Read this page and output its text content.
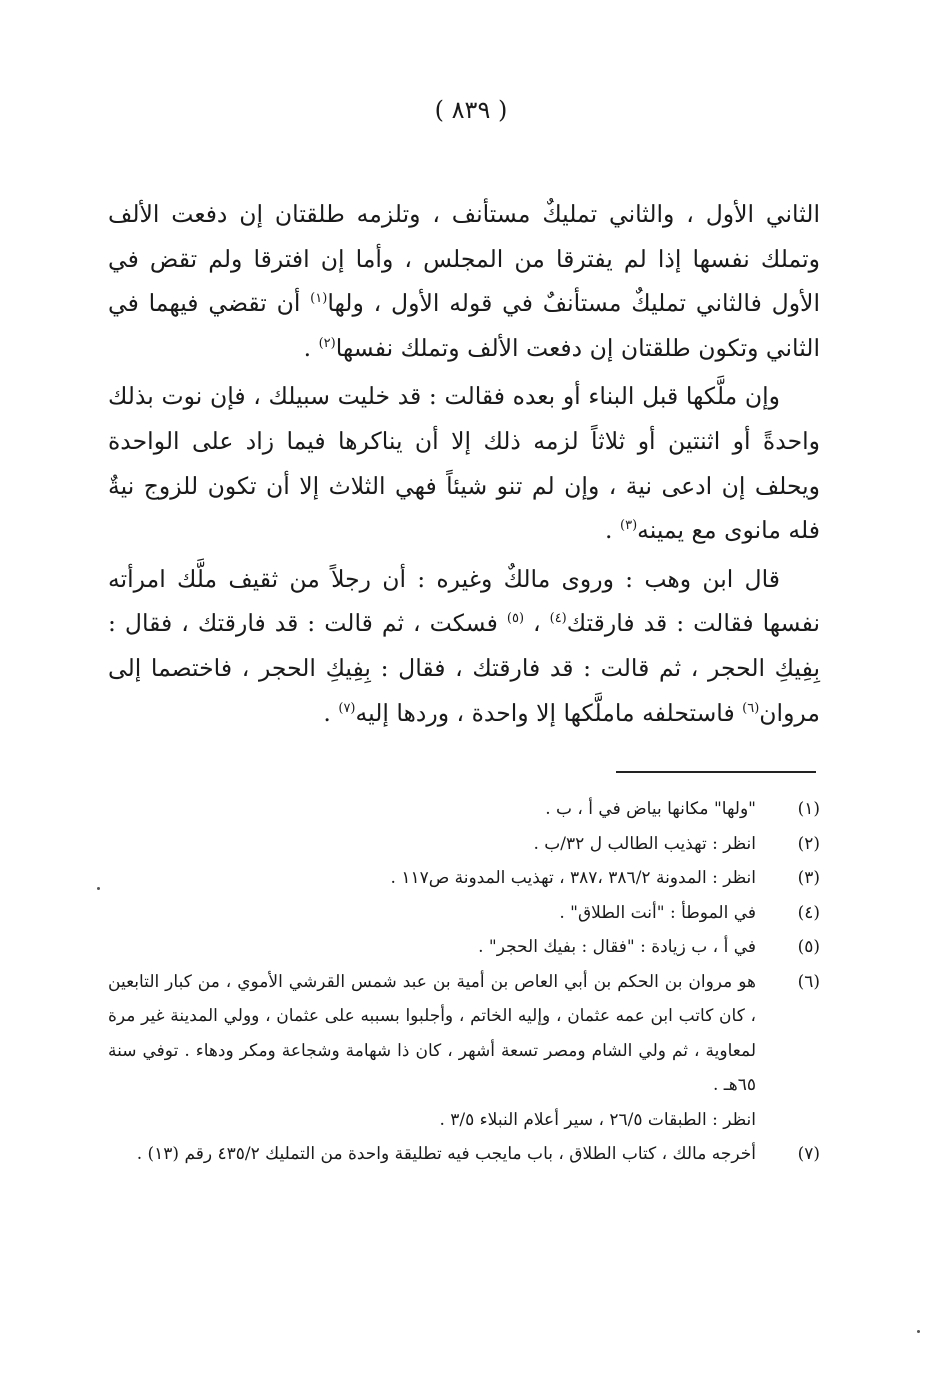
( ٨٣٩ )

الثاني الأول ، والثاني تمليكٌ مستأنف ، وتلزمه طلقتان إن دفعت الألف وتملك نفسها إذا لم يفترقا من المجلس ، وأما إن افترقا ولم تقض في الأول فالثاني تمليكٌ مستأنفٌ في قوله الأول ، ولها$^{(١)}$ أن تقضي فيهما في الثاني وتكون طلقتان إن دفعت الألف وتملك نفسها$^{(٢)}$ .

وإن ملَّكها قبل البناء أو بعده فقالت : قد خليت سبيلك ، فإن نوت بذلك واحدةً أو اثنتين أو ثلاثاً لزمه ذلك إلا أن يناكرها فيما زاد على الواحدة ويحلف إن ادعى نية ، وإن لم تنو شيئاً فهي الثلاث إلا أن تكون للزوج نيةٌ فله مانوى مع يمينه$^{(٣)}$ .

قال ابن وهب : وروى مالكٌ وغيره : أن رجلاً من ثقيف ملَّك امرأته نفسها فقالت : قد فارقتك$^{(٤)}$ ، $^{(٥)}$ فسكت ، ثم قالت : قد فارقتك ، فقال : بِفِيكِ الحجر ، ثم قالت : قد فارقتك ، فقال : بِفِيكِ الحجر ، فاختصما إلى مروان$^{(٦)}$ فاستحلفه ماملَّكها إلا واحدة ، وردها إليه$^{(٧)}$ .

(١)
"ولها" مكانها بياض في أ ، ب .
(٢)
انظر : تهذيب الطالب ل ٣٢/ب .
(٣)
انظر : المدونة ٣٨٦/٢ ،٣٨٧ ، تهذيب المدونة ص١١٧ .
(٤)
في الموطأ : "أنت الطلاق" .
(٥)
في أ ، ب زيادة : "فقال : بفيك الحجر" .
(٦)
هو مروان بن الحكم بن أبي العاص بن أمية بن عبد شمس القرشي الأموي ، من كبار التابعين ، كان كاتب ابن عمه عثمان ، وإليه الخاتم ، وأجلبوا بسببه على عثمان ، وولي المدينة غير مرة لمعاوية ، ثم ولي الشام ومصر تسعة أشهر ، كان ذا شهامة وشجاعة ومكر ودهاء . توفي سنة ٦٥هـ .
انظر : الطبقات ٢٦/٥ ، سير أعلام النبلاء ٣/٥ .
(٧)
أخرجه مالك ، كتاب الطلاق ، باب مايجب فيه تطليقة واحدة من التمليك ٤٣٥/٢ رقم (١٣) .
